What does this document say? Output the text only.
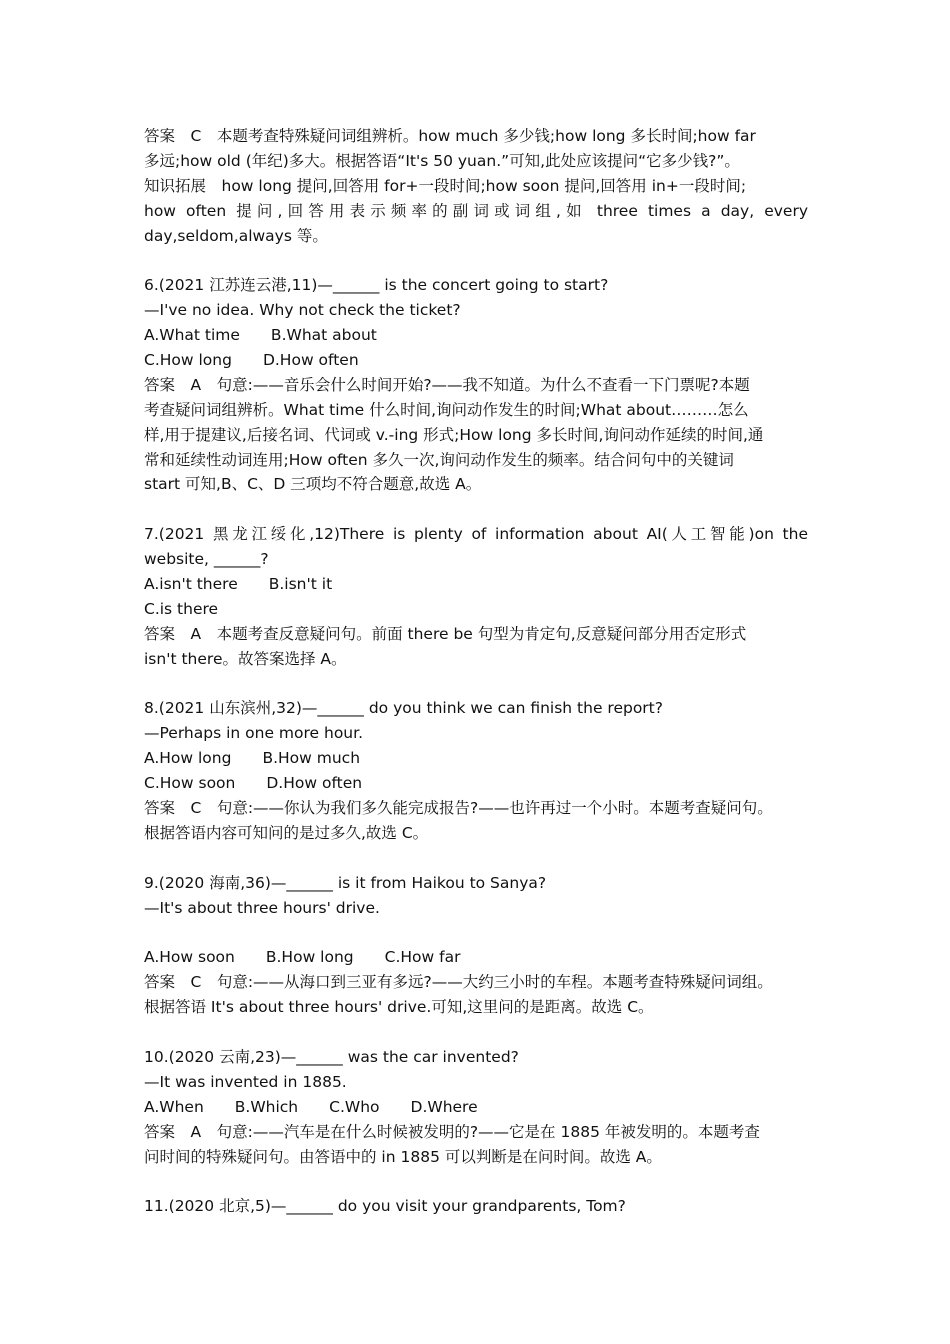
答案　C　本题考查特殊疑问词组辨析。how much 多少钱;how long 多长时间;how far
多远;how old (年纪)多大。根据答语“It's 50 yuan.”可知,此处应该提问“它多少钱?”。
知识拓展　how long 提问,回答用 for+一段时间;how soon 提问,回答用 in+一段时间;
how often 提问,回答用表示频率的副词或词组,如 three times a day, every
day,seldom,always 等。
6.(2021 江苏连云港,11)—______ is the concert going to start?
—I've no idea. Why not check the ticket?
A.What time　　B.What about
C.How long　　D.How often
答案　A　句意:——音乐会什么时间开始?——我不知道。为什么不查看一下门票呢?本题
考查疑问词组辨析。What time 什么时间,询问动作发生的时间;What about………怎么
样,用于提建议,后接名词、代词或 v.-ing 形式;How long 多长时间,询问动作延续的时间,通
常和延续性动词连用;How often 多久一次,询问动作发生的频率。结合问句中的关键词
start 可知,B、C、D 三项均不符合题意,故选 A。
7.(2021 黑龙江绥化,12)There is plenty of information about AI(人工智能)on the
website, ______?
A.isn't there　　B.isn't it
C.is there
答案　A　本题考查反意疑问句。前面 there be 句型为肯定句,反意疑问部分用否定形式
isn't there。故答案选择 A。
8.(2021 山东滨州,32)—______ do you think we can finish the report?
—Perhaps in one more hour.
A.How long　　B.How much
C.How soon　　D.How often
答案　C　句意:——你认为我们多久能完成报告?——也许再过一个小时。本题考查疑问句。
根据答语内容可知问的是过多久,故选 C。
9.(2020 海南,36)—______ is it from Haikou to Sanya?
—It's about three hours' drive.
A.How soon　　B.How long　　C.How far
答案　C　句意:——从海口到三亚有多远?——大约三小时的车程。本题考查特殊疑问词组。
根据答语 It's about three hours' drive.可知,这里问的是距离。故选 C。
10.(2020 云南,23)—______ was the car invented?
—It was invented in 1885.
A.When　　B.Which　　C.Who　　D.Where
答案　A　句意:——汽车是在什么时候被发明的?——它是在 1885 年被发明的。本题考查
问时间的特殊疑问句。由答语中的 in 1885 可以判断是在问时间。故选 A。
11.(2020 北京,5)—______ do you visit your grandparents, Tom?
